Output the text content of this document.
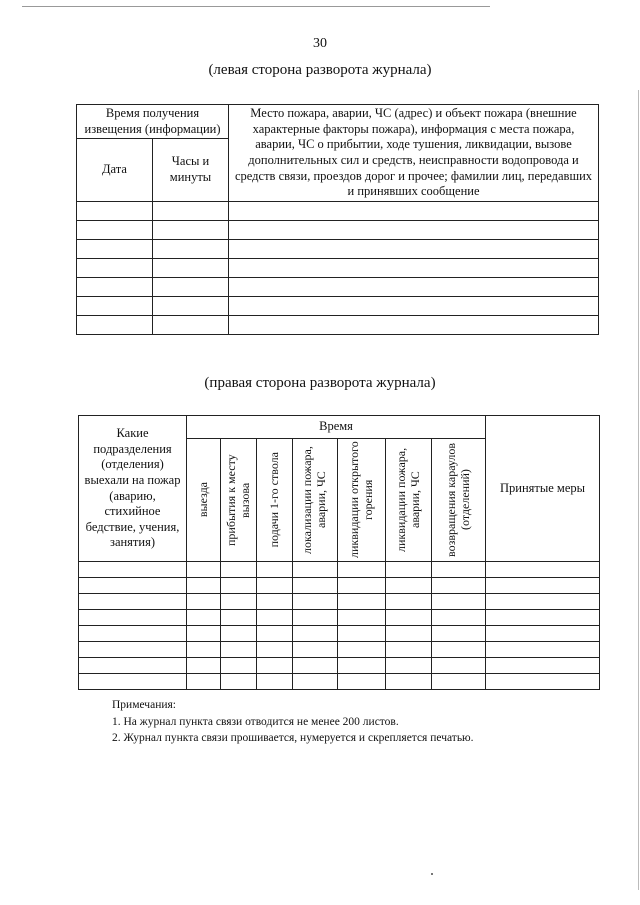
30
(левая сторона разворота журнала)
Время получения извещения (информации)		Место пожара, аварии, ЧС (адрес) и объект пожара (внешние характерные факторы пожара), информация с места пожара, аварии, ЧС о прибытии, ходе тушения, ликвидации, вызове дополнительных сил и средств, неисправности водопровода и средств связи, проездов дорог и прочее; фамилии лиц, передавших и принявших сообщение
Дата	Часы и минуты	

(правая сторона разворота журнала)
Какие подразделения (отделения) выехали на пожар (аварию, стихийное бедствие, учения, занятия)	Время							Принятые меры

	выезда	прибытия к месту вызова	подачи 1-го ствола	локализации пожара, аварии, ЧС	ликвидации открытого горения	ликвидации пожара, аварии, ЧС	возвращения караулов (отделений)	

Примечания:
1. На журнал пункта связи отводится не менее 200 листов.
2. Журнал пункта связи прошивается, нумеруется и скрепляется печатью.
